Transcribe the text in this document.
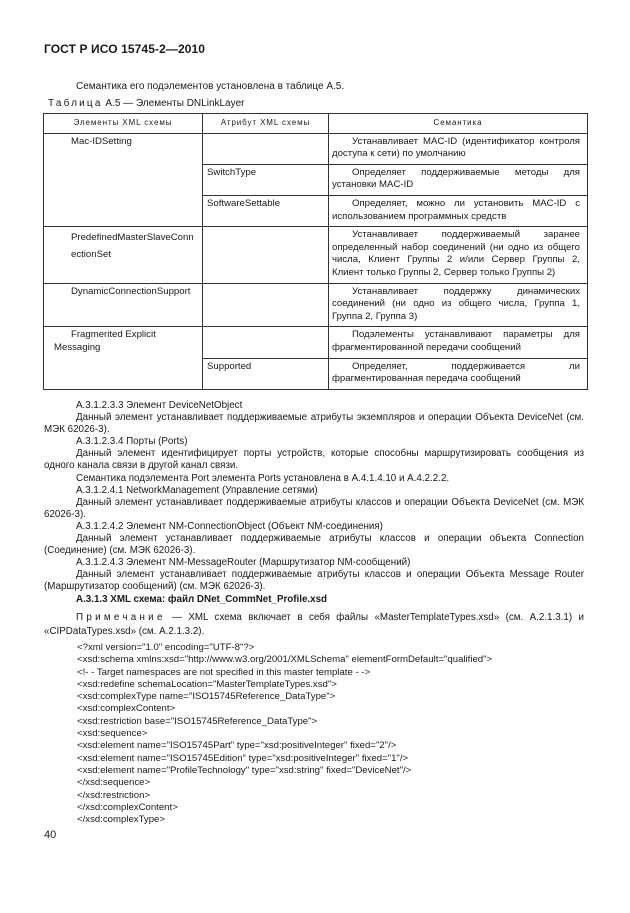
ГОСТ Р ИСО 15745-2—2010
Семантика его подэлементов установлена в таблице А.5.
Таблица А.5 — Элементы DNLinkLayer
Элементы XML схемы	Атрибут XML схемы	Семантика
Mac-IDSetting		Устанавливает MAC-ID (идентификатор контроля доступа к сети) по умолчанию
	SwitchType	Определяет поддерживаемые методы для установки MAC-ID
	SoftwareSettable	Определяет, можно ли установить MAC-ID с использованием программных средств
PredefinedMasterSlaveConnectionSet		Устанавливает поддерживаемый заранее определенный набор соединений (ни одно из общего числа, Клиент Группы 2 и/или Сервер Группы 2, Клиент только Группы 2, Сервер только Группы 2)
DynamicConnectionSupport		Устанавливает поддержку динамических соединений (ни одно из общего числа, Группа 1, Группа 2, Группа 3)
Fragmerited Explicit Messaging		Подэлементы устанавливают параметры для фрагментированной передачи сообщений
	Supported	Определяет, поддерживается ли фрагментированная передача сообщений

А.3.1.2.3.3 Элемент DeviceNetObject

Данный элемент устанавливает поддерживаемые атрибуты экземпляров и операции Объекта DeviceNet (см. МЭК 62026-3).

А.3.1.2.3.4 Порты (Ports)

Данный элемент идентифицирует порты устройств, которые способны маршрутизировать сообщения из одного канала связи в другой канал связи.

Семантика подэлемента Port элемента Ports установлена в А.4.1.4.10 и А.4.2.2.2.

А.3.1.2.4.1 NetworkManagement (Управление сетями)

Данный элемент устанавливает поддерживаемые атрибуты классов и операции Объекта DeviceNet (см. МЭК 62026-3).

А.3.1.2.4.2 Элемент NM-ConnectionObject (Объект NM-соединения)

Данный элемент устанавливает поддерживаемые атрибуты классов и операции объекта Connection (Соединение) (см. МЭК 62026-3).

А.3.1.2.4.3 Элемент NM-MessageRouter (Маршрутизатор NM-сообщений)

Данный элемент устанавливает поддерживаемые атрибуты классов и операции Объекта Message Router (Маршрутизатор сообщений) (см. МЭК 62026-3).

А.3.1.3 XML схема: файл DNet_CommNet_Profile.xsd

Примечание — XML схема включает в себя файлы «MasterTemplateTypes.xsd» (см. А.2.1.3.1) и «CIPDataTypes.xsd» (см. А.2.1.3.2).

<?xml version="1.0" encoding="UTF-8"?>
<xsd:schema xmlns:xsd="http://www.w3.org/2001/XMLSchema" elementFormDefault="qualified">
<!- - Target namespaces are not specified in this master template - ->
<xsd:redefine schemaLocation="MasterTemplateTypes.xsd">
<xsd:complexType name="ISO15745Reference_DataType">
<xsd:complexContent>
<xsd:restriction base="ISO15745Reference_DataType">
<xsd:sequence>
<xsd:element name="ISO15745Part" type="xsd:positiveInteger" fixed="2"/>
<xsd:element name="ISO15745Edition" type="xsd:positiveInteger" fixed="1"/>
<xsd:element name="ProfileTechnology" type="xsd:string" fixed="DeviceNet"/>
</xsd:sequence>
</xsd:restriction>
</xsd:complexContent>
</xsd:complexType>
40
